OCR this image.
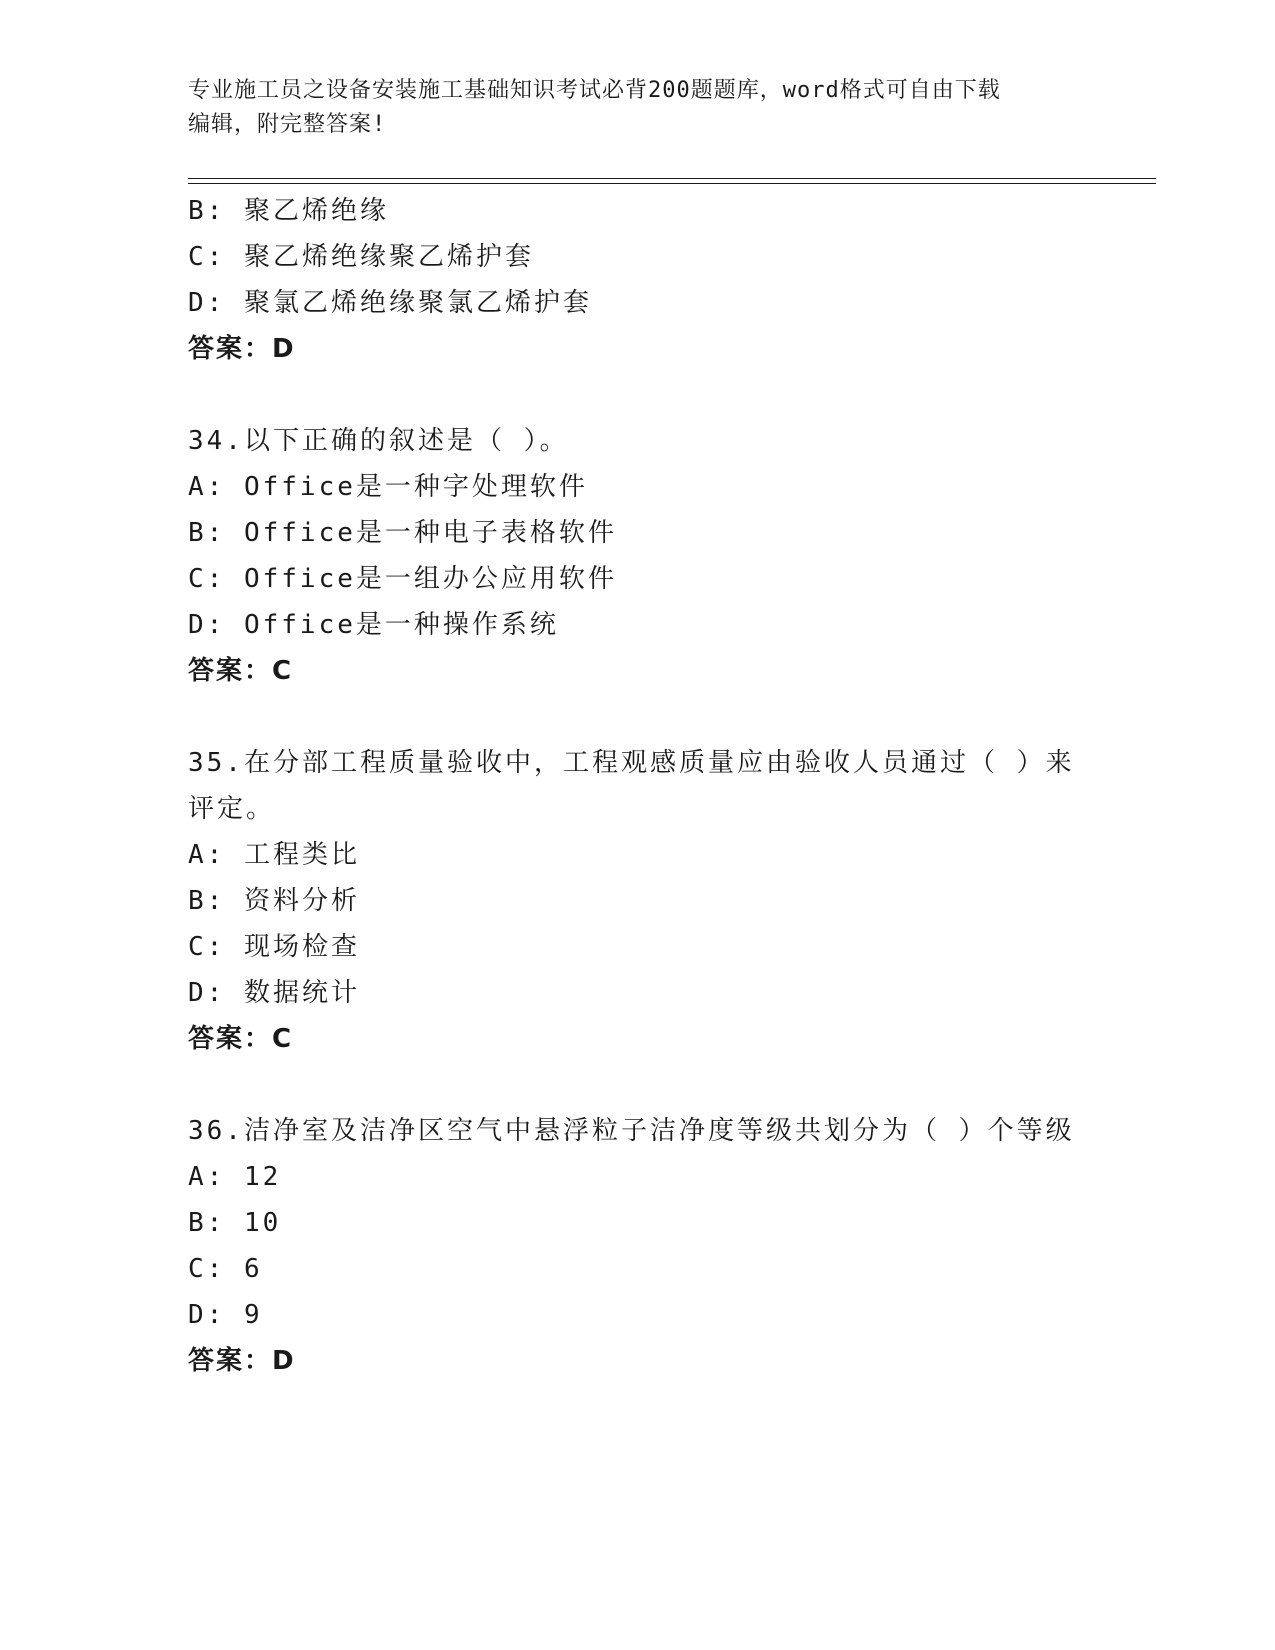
专业施工员之设备安装施工基础知识考试必背200题题库，word格式可自由下载
编辑，附完整答案!
B: 聚乙烯绝缘
C: 聚乙烯绝缘聚乙烯护套
D: 聚氯乙烯绝缘聚氯乙烯护套
答案：D
34.以下正确的叙述是（ ）。
A: Office是一种字处理软件
B: Office是一种电子表格软件
C: Office是一组办公应用软件
D: Office是一种操作系统
答案：C
35.在分部工程质量验收中，工程观感质量应由验收人员通过（ ）来
评定。
A: 工程类比
B: 资料分析
C: 现场检查
D: 数据统计
答案：C
36.洁净室及洁净区空气中悬浮粒子洁净度等级共划分为（ ）个等级
A: 12
B: 10
C: 6
D: 9
答案：D
